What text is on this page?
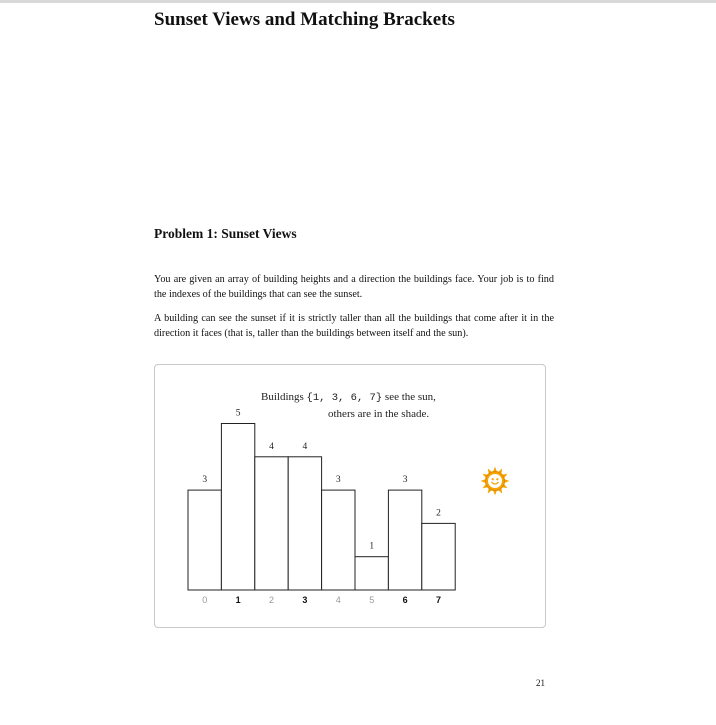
Sunset Views and Matching Brackets
Problem 1: Sunset Views

You are given an array of building heights and a direction the buildings face. Your job is to find the indexes of the buildings that can see the sunset.

A building can see the sunset if it is strictly taller than all the buildings that come after it in the direction it faces (that is, taller than the buildings between itself and the sun).

Buildings {1, 3, 6, 7} see the sun,
others are in the shade.
3
0
5
1
4
2
4
3
3
4
1
5
3
6
2
7
21
